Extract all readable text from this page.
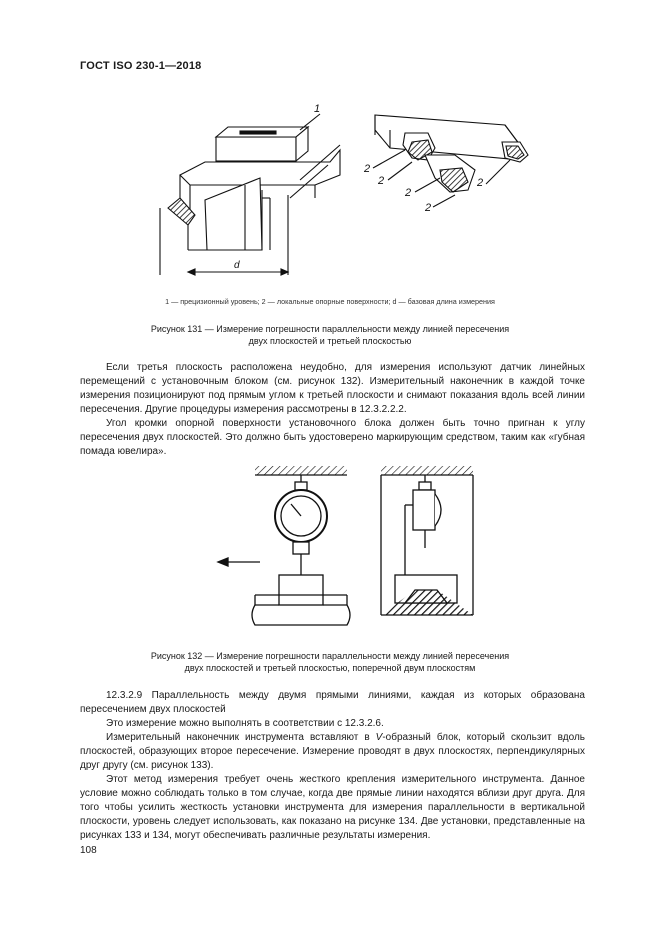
ГОСТ ISO 230-1—2018
1
d
2
2
2
2
2
1 — прецизионный уровень; 2 — локальные опорные поверхности; d — базовая длина измерения
Рисунок 131 — Измерение погрешности параллельности между линией пересечения
двух плоскостей и третьей плоскостью

Если третья плоскость расположена неудобно, для измерения используют датчик линейных перемещений с установочным блоком (см. рисунок 132). Измерительный наконечник в каждой точке измерения позиционируют под прямым углом к третьей плоскости и снимают показания вдоль всей линии пересечения. Другие процедуры измерения рассмотрены в 12.3.2.2.2.

Угол кромки опорной поверхности установочного блока должен быть точно пригнан к углу пересечения двух плоскостей. Это должно быть удостоверено маркирующим средством, таким как «губная помада ювелира».

Рисунок 132 — Измерение погрешности параллельности между линией пересечения
двух плоскостей и третьей плоскостью, поперечной двум плоскостям

12.3.2.9 Параллельность между двумя прямыми линиями, каждая из которых образована пересечением двух плоскостей

Это измерение можно выполнять в соответствии с 12.3.2.6.

Измерительный наконечник инструмента вставляют в V-образный блок, который скользит вдоль плоскостей, образующих второе пересечение. Измерение проводят в двух плоскостях, перпендикулярных друг другу (см. рисунок 133).

Этот метод измерения требует очень жесткого крепления измерительного инструмента. Данное условие можно соблюдать только в том случае, когда две прямые линии находятся вблизи друг друга. Для того чтобы усилить жесткость установки инструмента для измерения параллельности в вертикальной плоскости, уровень следует использовать, как показано на рисунке 134. Две установки, представленные на рисунках 133 и 134, могут обеспечивать различные результаты измерения.

108
